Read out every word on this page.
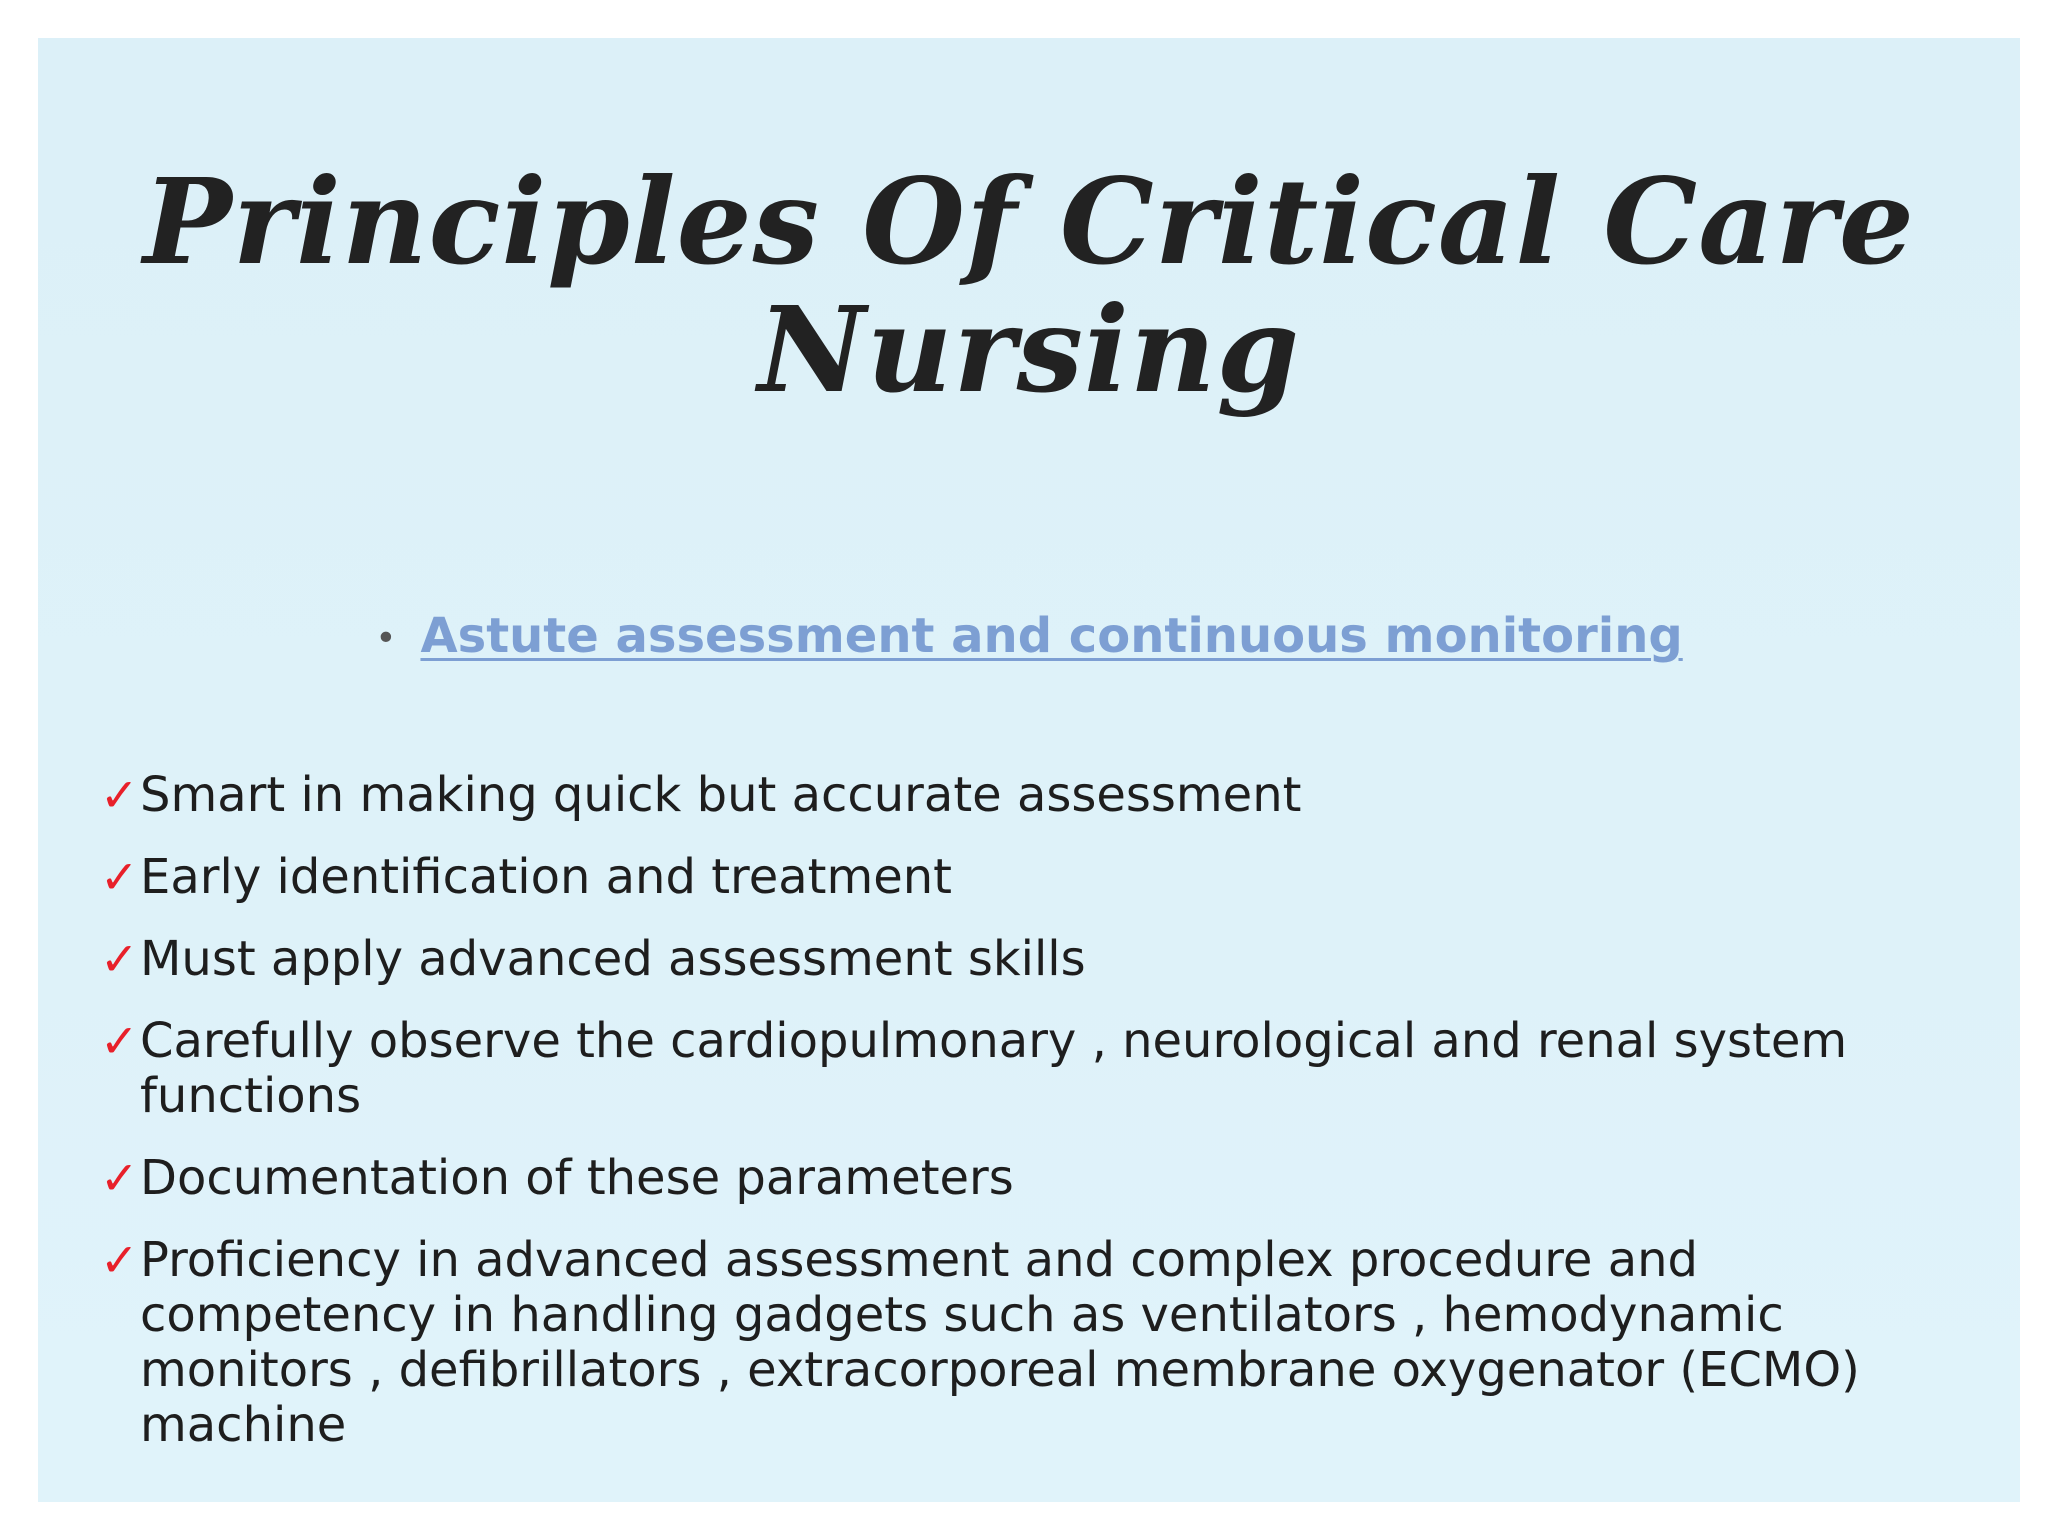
Principles Of Critical Care
Nursing
• Astute assessment and continuous monitoring
✓ Smart in making quick but accurate assessment
✓ Early identification and treatment
✓ Must apply advanced assessment skills
✓ Carefully observe the cardiopulmonary , neurological and renal system functions
✓ Documentation of these parameters
✓ Proficiency in advanced assessment and complex procedure and competency in handling gadgets such as ventilators , hemodynamic monitors , defibrillators , extracorporeal membrane oxygenator (ECMO) machine
